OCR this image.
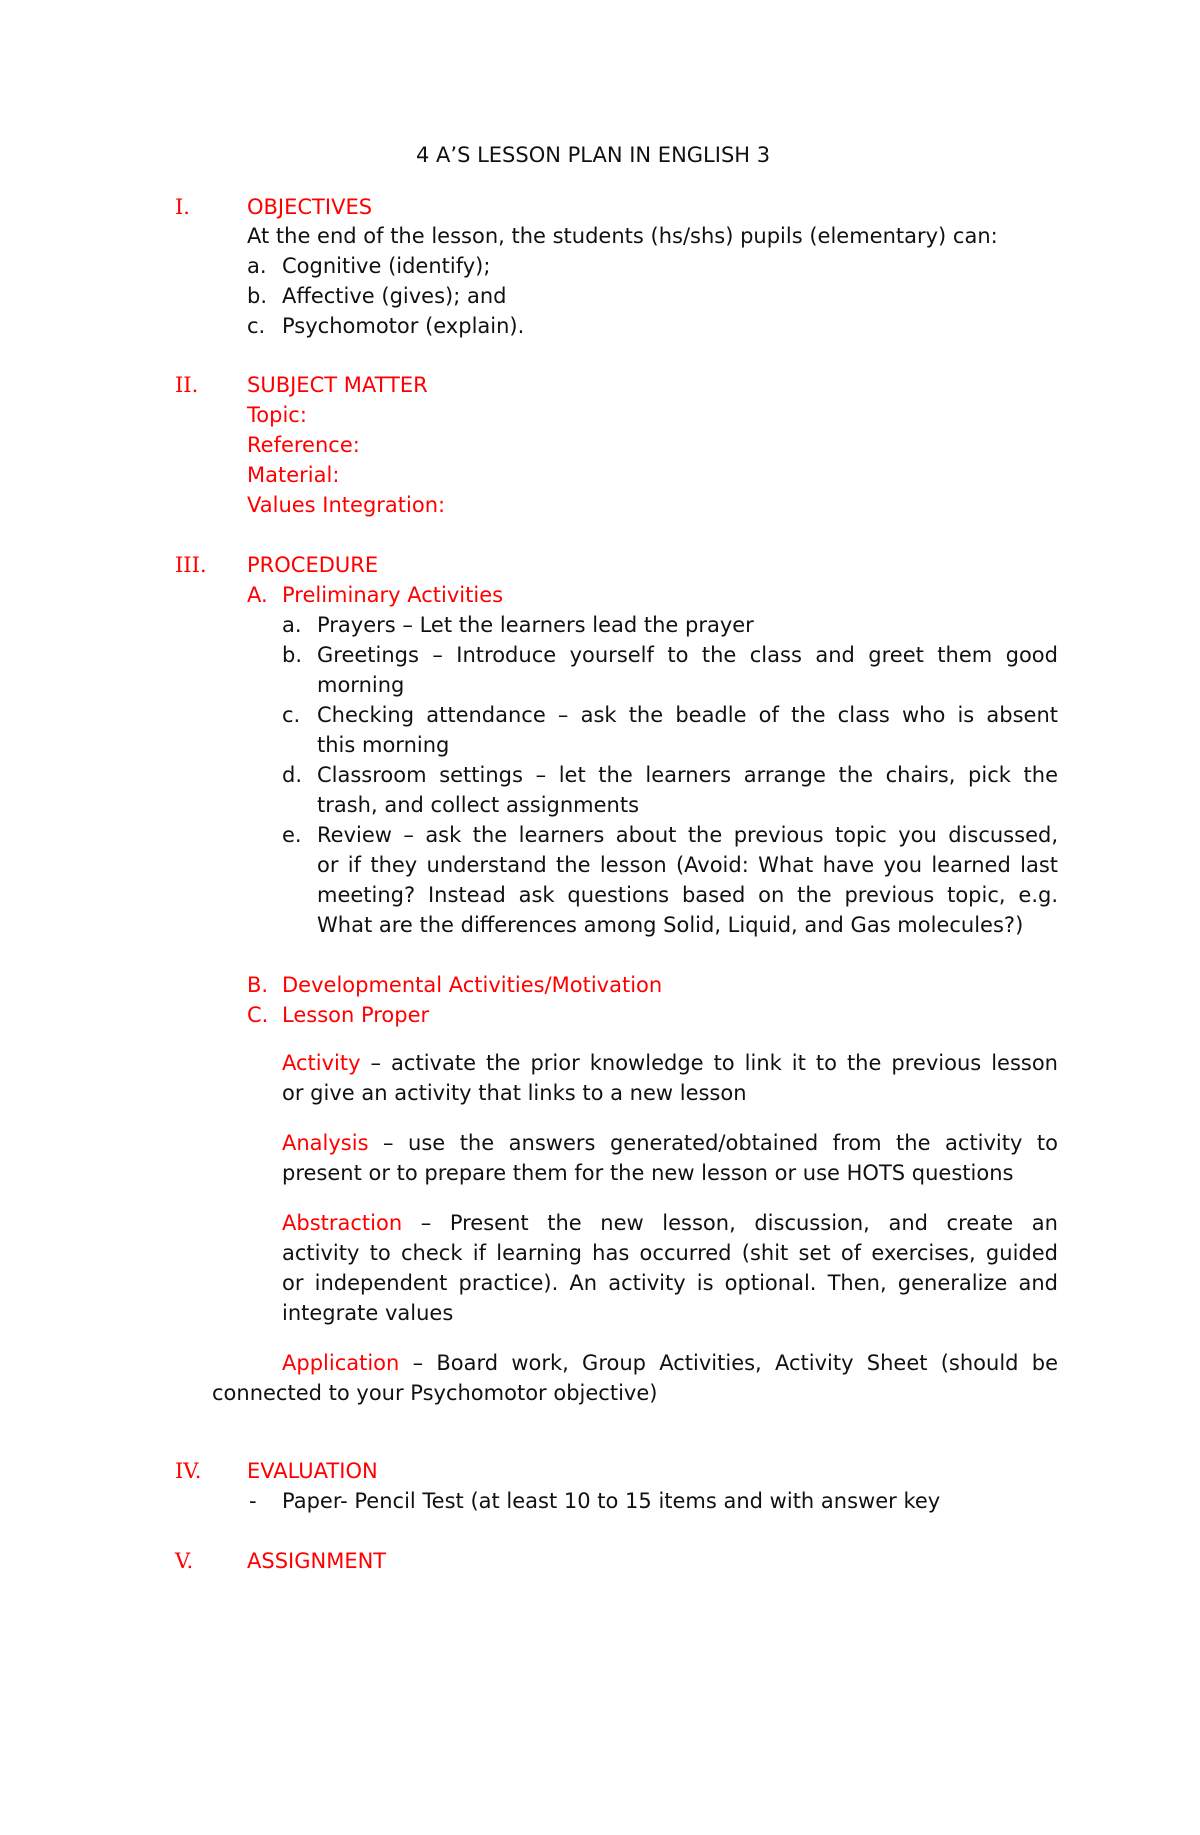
4 A’S LESSON PLAN IN ENGLISH 3
I.	OBJECTIVES
At the end of the lesson, the students (hs/shs) pupils (elementary) can:
a. Cognitive (identify);
b. Affective (gives); and
c. Psychomotor (explain).
II. SUBJECT MATTER
Topic:
Reference:
Material:
Values Integration:
III. PROCEDURE
A. Preliminary Activities
a. Prayers – Let the learners lead the prayer
b. Greetings – Introduce yourself to the class and greet them good
morning
c. Checking attendance – ask the beadle of the class who is absent
this morning
d. Classroom settings – let the learners arrange the chairs, pick the
trash, and collect assignments
e. Review – ask the learners about the previous topic you discussed,
or if they understand the lesson (Avoid: What have you learned last
meeting? Instead ask questions based on the previous topic, e.g.
What are the differences among Solid, Liquid, and Gas molecules?)
B. Developmental Activities/Motivation
C. Lesson Proper
Activity – activate the prior knowledge to link it to the previous lesson
or give an activity that links to a new lesson
Analysis – use the answers generated/obtained from the activity to
present or to prepare them for the new lesson or use HOTS questions
Abstraction – Present the new lesson, discussion, and create an
activity to check if learning has occurred (shit set of exercises, guided
or independent practice). An activity is optional. Then, generalize and
integrate values
Application – Board work, Group Activities, Activity Sheet (should be
connected to your Psychomotor objective)
IV. EVALUATION
- Paper- Pencil Test (at least 10 to 15 items and with answer key
V.	ASSIGNMENT
